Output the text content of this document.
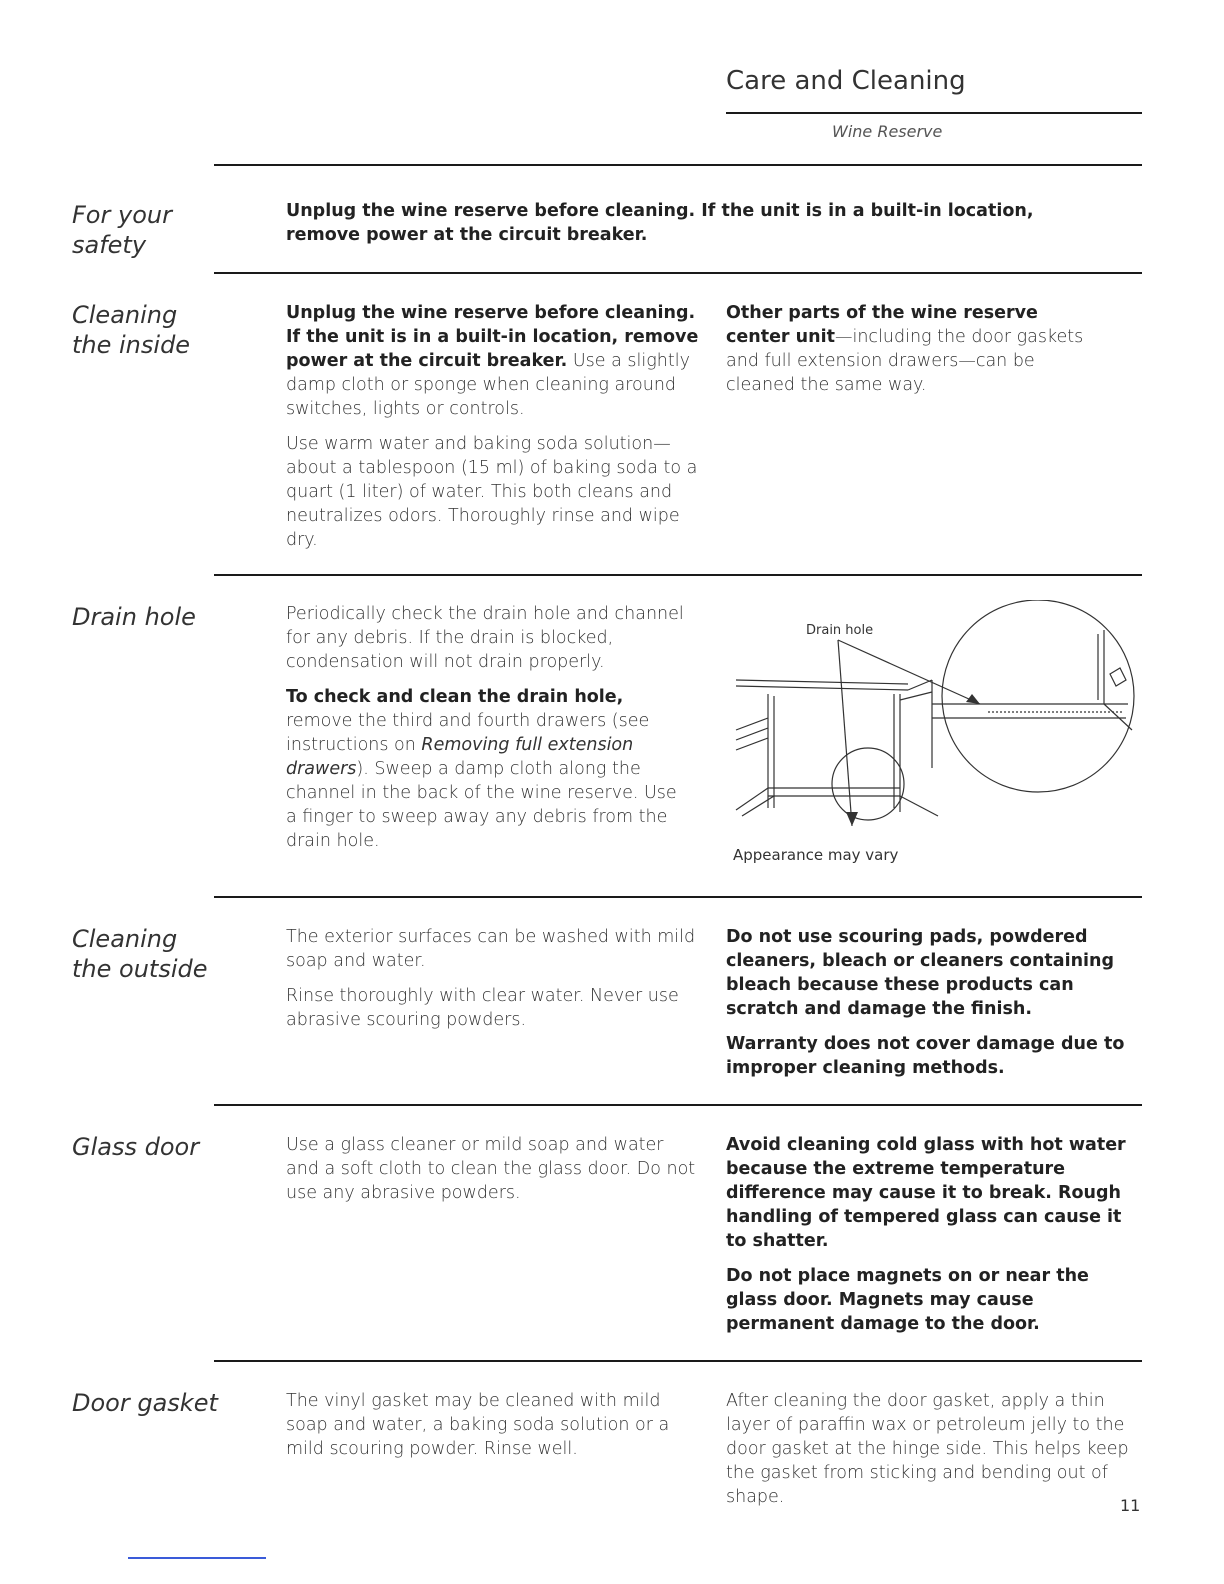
Care and Cleaning
Wine Reserve
For your
safety
Unplug the wine reserve before cleaning. If the unit is in a built-in location,
remove power at the circuit breaker.
Cleaning
the inside

Unplug the wine reserve before cleaning. If the unit is in a built-in location, remove power at the circuit breaker. Use a slightly damp cloth or sponge when cleaning around switches, lights or controls.

Use warm water and baking soda solution—about a tablespoon (15 ml) of baking soda to a quart (1 liter) of water. This both cleans and neutralizes odors. Thoroughly rinse and wipe dry.

Other parts of the wine reserve center unit—including the door gaskets and full extension drawers—can be cleaned the same way.

Drain hole	Periodically check the drain hole and channel for any debris. If the drain is blocked, condensation will not drain properly.

To check and clean the drain hole, remove the third and fourth drawers (see instructions on Removing full extension drawers). Sweep a damp cloth along the channel in the back of the wine reserve. Use a finger to sweep away any debris from the drain hole.

Drain hole
Appearance may vary
Cleaning
the outside

The exterior surfaces can be washed with mild soap and water.

Rinse thoroughly with clear water. Never use abrasive scouring powders.

Do not use scouring pads, powdered cleaners, bleach or cleaners containing bleach because these products can scratch and damage the finish.

Warranty does not cover damage due to improper cleaning methods.

Glass door	Use a glass cleaner or mild soap and water and a soft cloth to clean the glass door. Do not use any abrasive powders.

Avoid cleaning cold glass with hot water because the extreme temperature difference may cause it to break. Rough handling of tempered glass can cause it to shatter.

Do not place magnets on or near the glass door. Magnets may cause permanent damage to the door.

Door gasket	The vinyl gasket may be cleaned with mild soap and water, a baking soda solution or a mild scouring powder. Rinse well.

After cleaning the door gasket, apply a thin layer of paraffin wax or petroleum jelly to the door gasket at the hinge side. This helps keep the gasket from sticking and bending out of shape.	11
